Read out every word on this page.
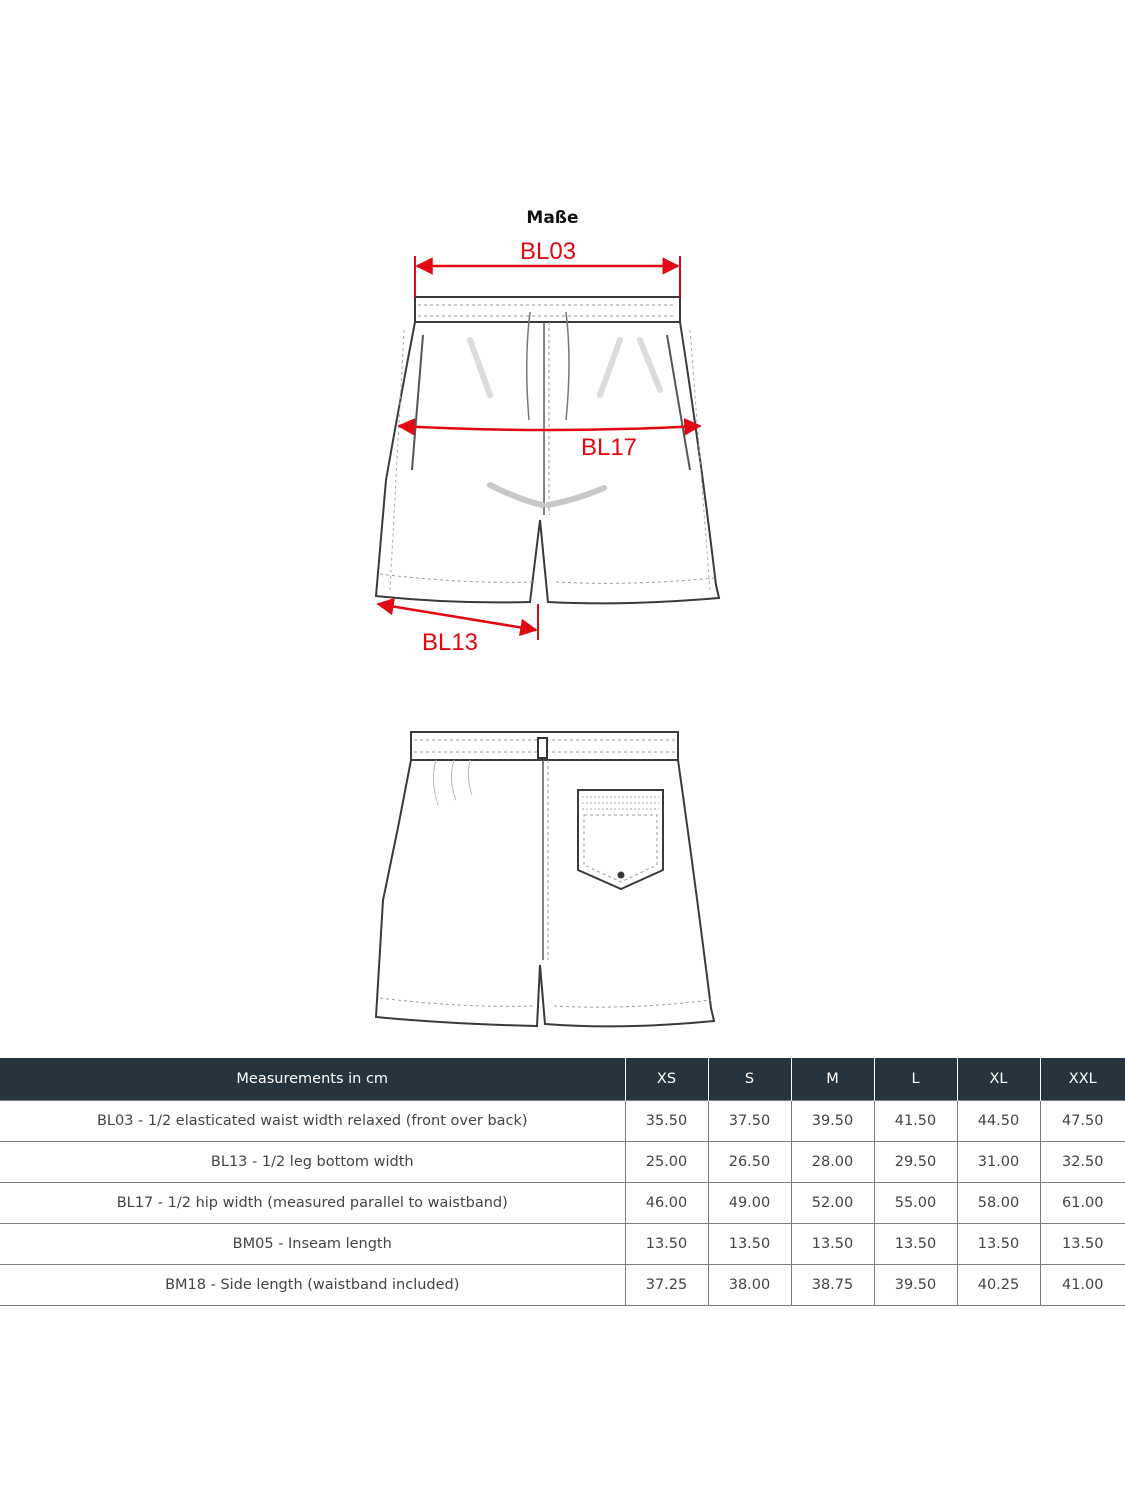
Maße
BL03
BL17
BL13
Measurements in cm	XS	S	M	L	XL	XXL
BL03 - 1/2 elasticated waist width relaxed (front over back)	35.50	37.50	39.50	41.50	44.50	47.50
BL13 - 1/2 leg bottom width	25.00	26.50	28.00	29.50	31.00	32.50
BL17 - 1/2 hip width (measured parallel to waistband)	46.00	49.00	52.00	55.00	58.00	61.00
BM05 - Inseam length	13.50	13.50	13.50	13.50	13.50	13.50
BM18 - Side length (waistband included)	37.25	38.00	38.75	39.50	40.25	41.00
